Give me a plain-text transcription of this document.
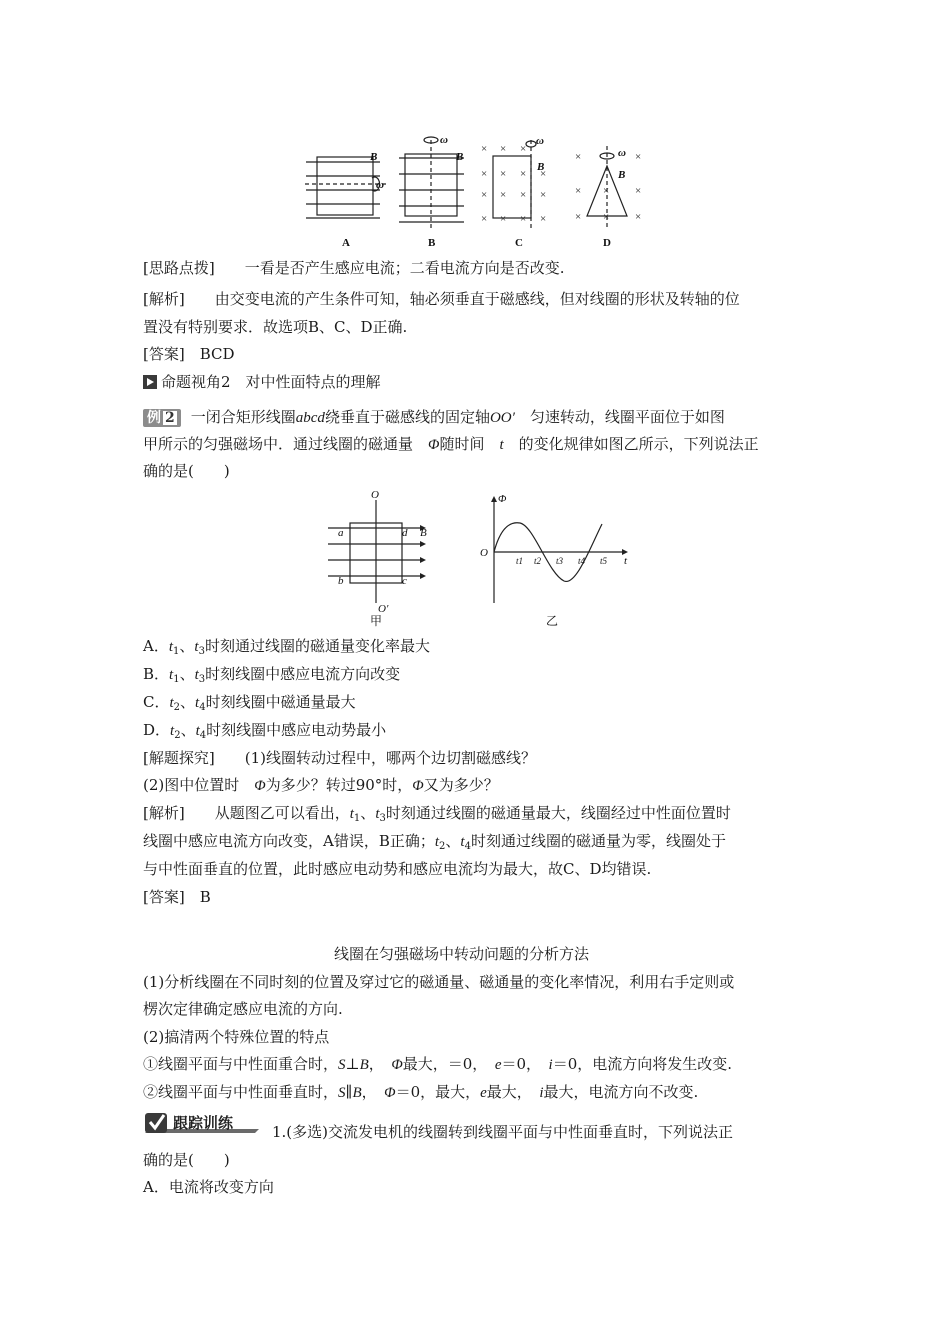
× × ×
× × × ×
× × × ×
× × × ×
×	×
× × ×
× × ×
B	B
B
B
ω
ω	ω
ω
A	B	C	D
[思路点拨]　　 一看是否产生感应电流；二看电流方向是否改变.
[解析]　　 由交变电流的产生条件可知，轴必须垂直于磁感线，但对线圈的形状及转轴的位
置没有特别要求．故选项B、C、D正确.
[答案]　 BCD
命题视角2　对中性面特点的理解
例 2 一闭合矩形线圈abcd绕垂直于磁感线的固定轴OO′　 匀速转动，线圈平面位于如图
甲所示的匀强磁场中．通过线圈的磁通量　 Φ随时间　 t　 的变化规律如图乙所示，下列说法正
确的是(　　)
O
O′
a	d
b	c
B
Φ
O
t
t1 t2 t3 t4 t5
甲	乙
A．$t_1$、$t_3$时刻通过线圈的磁通量变化率最大
B．$t_1$、$t_3$时刻线圈中感应电流方向改变
C．$t_2$、$t_4$时刻线圈中磁通量最大
D．$t_2$、$t_4$时刻线圈中感应电动势最小
[解题探究]　　 (1)线圈转动过程中，哪两个边切割磁感线？
(2)图中位置时　 Φ为多少？转过90°时，Φ又为多少？
[解析]　　 从题图乙可以看出，$t_1$、$t_3$时刻通过线圈的磁通量最大，线圈经过中性面位置时
线圈中感应电流方向改变，A错误，B正确；$t_2$、$t_4$时刻通过线圈的磁通量为零，线圈处于
与中性面垂直的位置，此时感应电动势和感应电流均为最大，故C、D均错误.
[答案]　 B
线圈在匀强磁场中转动问题的分析方法
(1)分析线圈在不同时刻的位置及穿过它的磁通量、磁通量的变化率情况，利用右手定则或
楞次定律确定感应电流的方向.
(2)搞清两个特殊位置的特点
①线圈平面与中性面重合时，S⊥B，　 Φ最大，＝0，　 e＝0，　 i＝0，电流方向将发生改变.
②线圈平面与中性面垂直时，S∥B，　 Φ＝0，最大，e最大，　 i最大，电流方向不改变.
跟踪训练	1.(多选)交流发电机的线圈转到线圈平面与中性面垂直时，下列说法正
确的是(　　)
A．电流将改变方向
